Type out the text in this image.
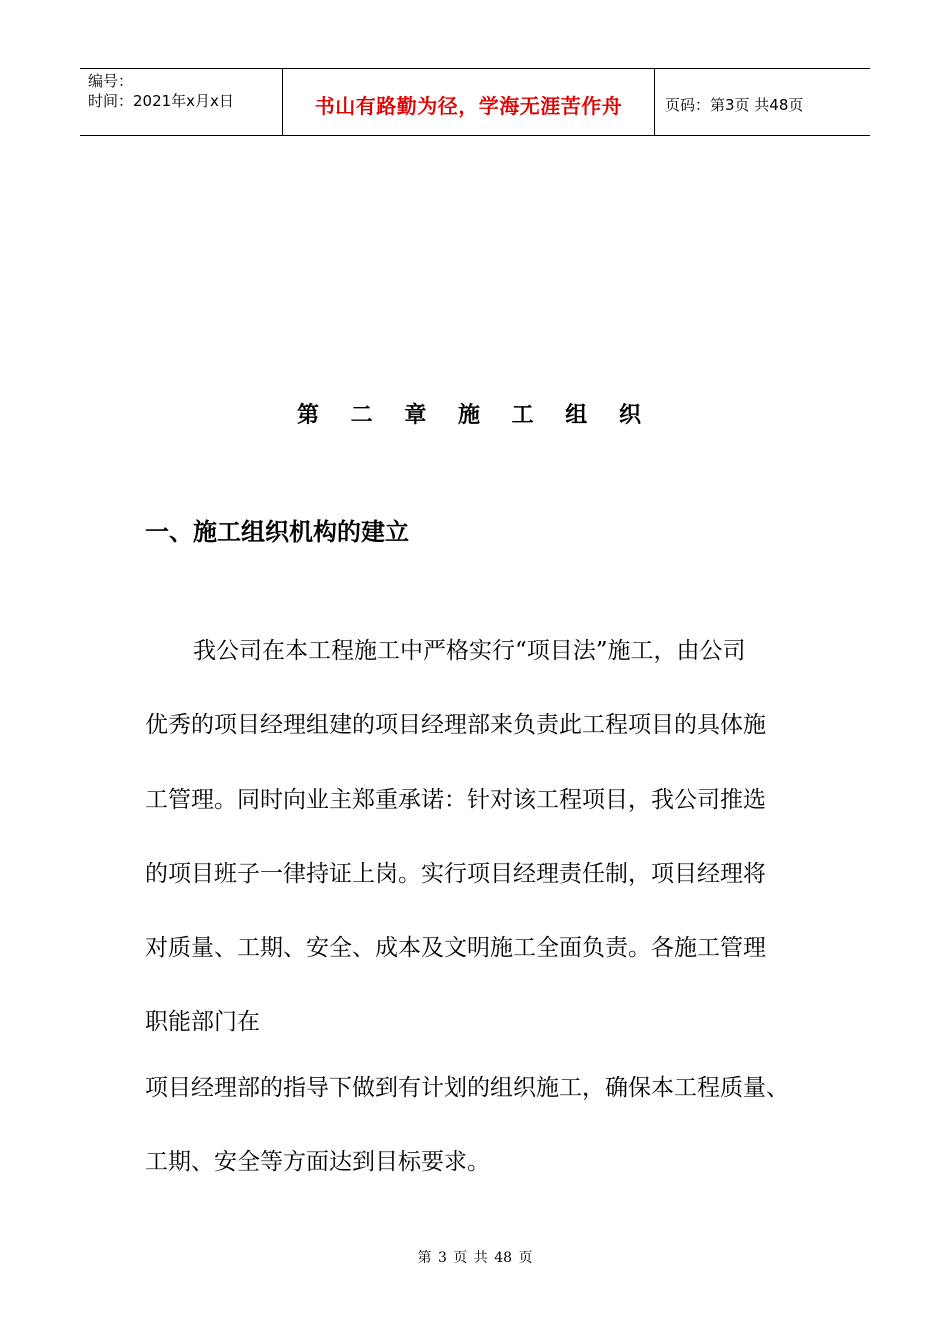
编号：
时间：2021年x月x日	书山有路勤为径，学海无涯苦作舟	页码：第3页 共48页
第 二 章 施 工 组 织
一、施工组织机构的建立
我公司在本工程施工中严格实行“项目法”施工，由公司
优秀的项目经理组建的项目经理部来负责此工程项目的具体施
工管理。同时向业主郑重承诺：针对该工程项目，我公司推选
的项目班子一律持证上岗。实行项目经理责任制，项目经理将
对质量、工期、安全、成本及文明施工全面负责。各施工管理
职能部门在
项目经理部的指导下做到有计划的组织施工，确保本工程质量、
工期、安全等方面达到目标要求。
第 3 页 共 48 页
